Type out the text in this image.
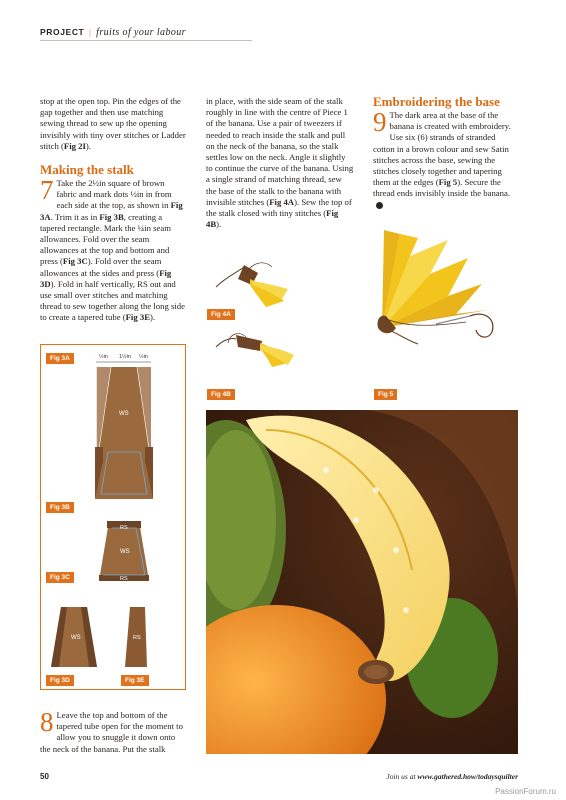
PROJECT | fruits of your labour

stop at the open top. Pin the edges of the gap together and then use matching sewing thread to sew up the opening invisibly with tiny over stitches or Ladder stitch (Fig 2I).

Making the stalk

7 Take the 2½in square of brown fabric and mark dots ½in in from each side at the top, as shown in Fig 3A. Trim it as in Fig 3B, creating a tapered rectangle. Mark the ¼in seam allowances. Fold over the seam allowances at the top and bottom and press (Fig 3C). Fold over the seam allowances at the sides and press (Fig 3D). Fold in half vertically, RS out and use small over stitches and matching thread to sew together along the long side to create a tapered tube (Fig 3E).

Fig 3A	½in 1½in ½in
WS
Fig 3B
RS
WS
RS
Fig 3C
WS	RS
Fig 3D	Fig 3E

8 Leave the top and bottom of the tapered tube open for the moment to allow you to snuggle it down onto the neck of the banana. Put the stalk

in place, with the side seam of the stalk roughly in line with the centre of Piece 1 of the banana. Use a pair of tweezers if needed to reach inside the stalk and pull on the neck of the banana, so the stalk settles low on the neck. Angle it slightly to continue the curve of the banana. Using a single strand of matching thread, sew the base of the stalk to the banana with invisible stitches (Fig 4A). Sew the top of the stalk closed with tiny stitches (Fig 4B).

Fig 4A
Fig 4B
Embroidering the base

9 The dark area at the base of the banana is created with embroidery. Use six (6) strands of stranded cotton in a brown colour and sew Satin stitches across the base, sewing the stitches closely together and tapering them at the edges (Fig 5). Secure the thread ends invisibly inside the banana.

Fig 5
50	Join us at www.gathered.how/todaysquilter
PassionForum.ru
